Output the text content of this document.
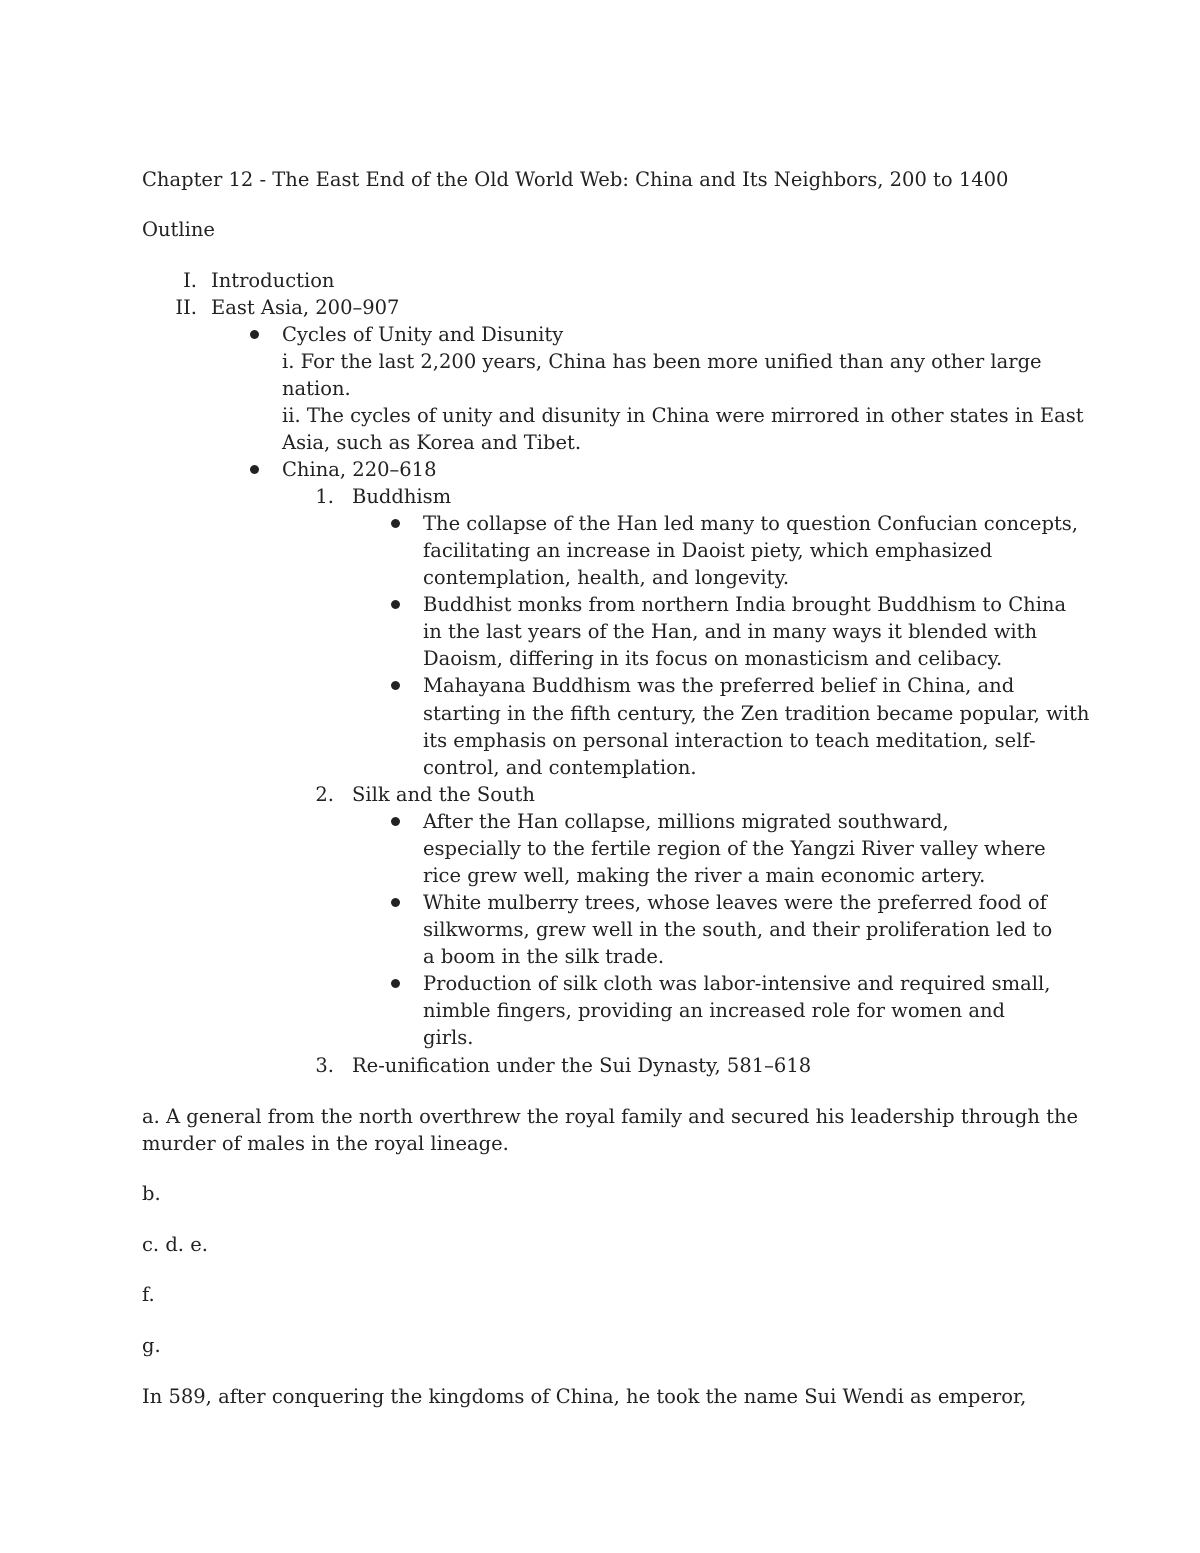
Chapter 12 - The East End of the Old World Web: China and Its Neighbors, 200 to 1400
Outline
I. Introduction
II. East Asia, 200–907
Cycles of Unity and Disunity
i. For the last 2,200 years, China has been more unified than any other large
nation.
ii. The cycles of unity and disunity in China were mirrored in other states in East
Asia, such as Korea and Tibet.
China, 220–618
1. Buddhism
The collapse of the Han led many to question Confucian concepts,
facilitating an increase in Daoist piety, which emphasized
contemplation, health, and longevity.
Buddhist monks from northern India brought Buddhism to China
in the last years of the Han, and in many ways it blended with
Daoism, differing in its focus on monasticism and celibacy.
Mahayana Buddhism was the preferred belief in China, and
starting in the fifth century, the Zen tradition became popular, with
its emphasis on personal interaction to teach meditation, self-
control, and contemplation.
2. Silk and the South
After the Han collapse, millions migrated southward,
especially to the fertile region of the Yangzi River valley where
rice grew well, making the river a main economic artery.
White mulberry trees, whose leaves were the preferred food of
silkworms, grew well in the south, and their proliferation led to
a boom in the silk trade.
Production of silk cloth was labor-intensive and required small,
nimble fingers, providing an increased role for women and
girls.
3. Re-unification under the Sui Dynasty, 581–618
a. A general from the north overthrew the royal family and secured his leadership through the
murder of males in the royal lineage.
b.
c. d. e.
f.
g.
In 589, after conquering the kingdoms of China, he took the name Sui Wendi as emperor,
